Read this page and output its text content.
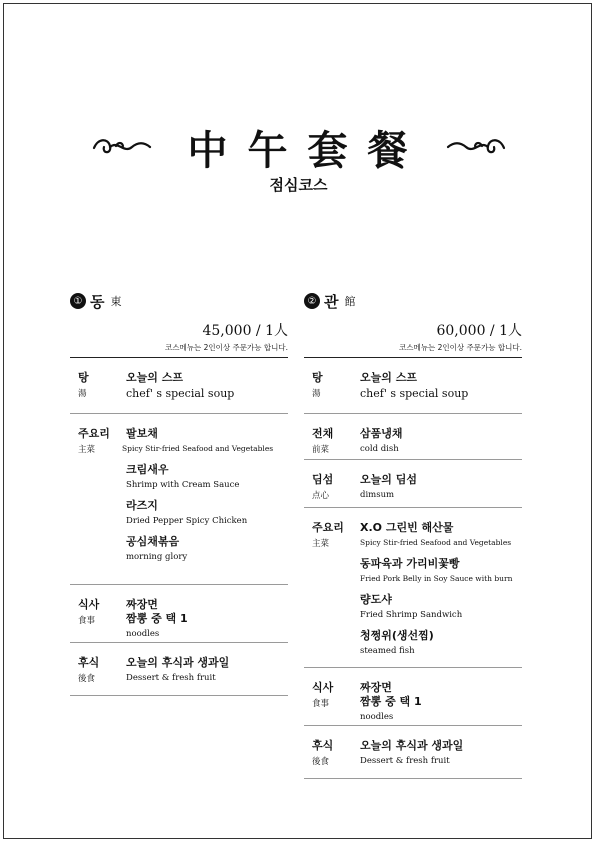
中午套餐
점심코스
① 동 東
45,000 / 1人
코스메뉴는 2인이상 주문가능 합니다.
탕
湯
오늘의 스프
chef' s special soup
주요리
主菜
팔보채
Spicy Stir-fried Seafood and Vegetables
크림새우
Shrimp with Cream Sauce
라즈지
Dried Pepper Spicy Chicken
공심채볶음
morning glory
식사
食事
짜장면
짬뽕 중 택 1
noodles
후식
後食
오늘의 후식과 생과일
Dessert & fresh fruit
② 관 館
60,000 / 1人
코스메뉴는 2인이상 주문가능 합니다.
탕
湯
오늘의 스프
chef' s special soup
전채
前菜
삼품냉채
cold dish
딤섬
点心
오늘의 딤섬
dimsum
주요리
主菜
X.O 그린빈 해산물
Spicy Stir-fried Seafood and Vegetables
동파육과 가리비꽃빵
Fried Pork Belly in Soy Sauce with burn
량도샤
Fried Shrimp Sandwich
청쩡위(생선찜)
steamed fish
식사
食事
짜장면
짬뽕 중 택 1
noodles
후식
後食
오늘의 후식과 생과일
Dessert & fresh fruit
